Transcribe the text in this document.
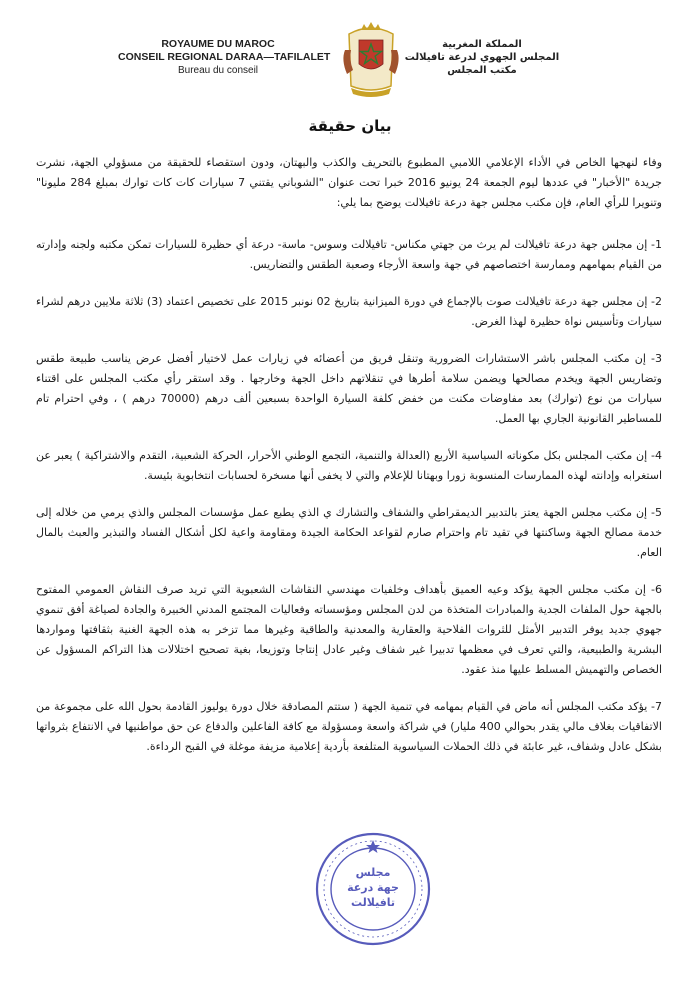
ROYAUME DU MAROC
CONSEIL REGIONAL DARAA—TAFILALET
Bureau du conseil
المملكة المغربية
المجلس الجهوي لدرعة تافيلالت
مكتب المجلس
بيان حقيقة

وفاء لنهجها الخاص في الأداء الإعلامي اللامبي المطبوع بالتحريف والكذب والبهتان، ودون استقصاء للحقيقة من مسؤولي الجهة، نشرت جريدة "الأخبار" في عددها ليوم الجمعة 24 يونيو 2016 خبرا تحت عنوان "الشوباني يقتني 7 سيارات كات كات توارك بمبلغ 284 مليونا" وتنويرا للرأي العام، فإن مكتب مجلس جهة درعة تافيلالت يوضح بما يلي:

1- إن مجلس جهة درعة تافيلالت لم يرث من جهتي مكناس- تافيلالت وسوس- ماسة- درعة أي حظيرة للسيارات تمكن مكتبه ولجنه وإدارته من القيام بمهامهم وممارسة اختصاصهم في جهة واسعة الأرجاء وصعبة الطقس والتضاريس.

2- إن مجلس جهة درعة تافيلالت صوت بالإجماع في دورة الميزانية بتاريخ 02 نونبر 2015 على تخصيص اعتماد (3) ثلاثة ملايين درهم لشراء سيارات وتأسيس نواة حظيرة لهذا الغرض.

3- إن مكتب المجلس باشر الاستشارات الضرورية وتنقل فريق من أعضائه في زيارات عمل لاختيار أفضل عرض يناسب طبيعة طقس وتضاريس الجهة ويخدم مصالحها ويضمن سلامة أطرها في تنقلاتهم داخل الجهة وخارجها . وقد استقر رأي مكتب المجلس على اقتناء سيارات من نوع (توارك) بعد مفاوضات مكنت من خفض كلفة السيارة الواحدة بسبعين ألف درهم (70000 درهم ) ، وفي احترام تام للمساطير القانونية الجاري بها العمل.

4- إن مكتب المجلس بكل مكوناته السياسية الأربع (العدالة والتنمية، التجمع الوطني الأحرار، الحركة الشعبية، التقدم والاشتراكية ) يعبر عن استغرابه وإدانته لهذه الممارسات المنسوبة زورا وبهتانا للإعلام والتي لا يخفى أنها مسخرة لحسابات انتخابوية بئيسة.

5- إن مكتب مجلس الجهة يعتز بالتدبير الديمقراطي والشفاف والتشارك ي الذي يطبع عمل مؤسسات المجلس والذي يرمي من خلاله إلى خدمة مصالح الجهة وساكنتها في تقيد تام واحترام صارم لقواعد الحكامة الجيدة ومقاومة واعية لكل أشكال الفساد والتبذير والعبث بالمال العام.

6- إن مكتب مجلس الجهة يؤكد وعيه العميق بأهداف وخلفيات مهندسي النقاشات الشعبوية التي تريد صرف النقاش العمومي المفتوح بالجهة حول الملفات الجدية والمبادرات المتخذة من لدن المجلس ومؤسساته وفعاليات المجتمع المدني الخبيرة والجادة لصياغة أفق تنموي جهوي جديد يوفر التدبير الأمثل للثروات الفلاحية والعقارية والمعدنية والطاقية وغيرها مما تزخر به هذه الجهة الغنية بثقافتها ومواردها البشرية والطبيعية، والتي تعرف في معظمها تدبيرا غير شفاف وغير عادل إنتاجا وتوزيعا، بغية تصحيح اختلالات هذا التراكم المسؤول عن الخصاص والتهميش المسلط عليها منذ عقود.

7- يؤكد مكتب المجلس أنه ماض في القيام بمهامه في تنمية الجهة ( ستتم المصادقة خلال دورة يوليوز القادمة بحول الله على مجموعة من الاتفاقيات بغلاف مالي يقدر بحوالي 400 مليار) في شراكة واسعة ومسؤولة مع كافة الفاعلين والدفاع عن حق مواطنيها في الانتفاع بثرواتها بشكل عادل وشفاف، غير عابئة في ذلك الحملات السياسوية المتلفعة بأردية إعلامية مزيفة موغلة في القبح الرداءة.

مجلس
جهة درعة
تافيلالت
